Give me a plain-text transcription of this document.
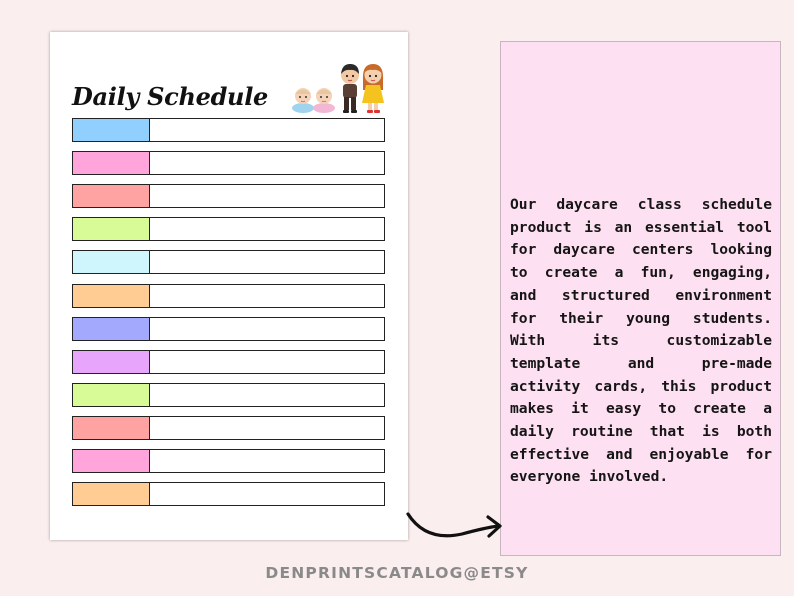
Daily Schedule

Our daycare class schedule product is an essential tool for daycare centers looking to create a fun, engaging, and structured environment for their young students. With its customizable template and pre-made activity cards, this product makes it easy to create a daily routine that is both effective and enjoyable for everyone involved.

DENPRINTSCATALOG@ETSY
